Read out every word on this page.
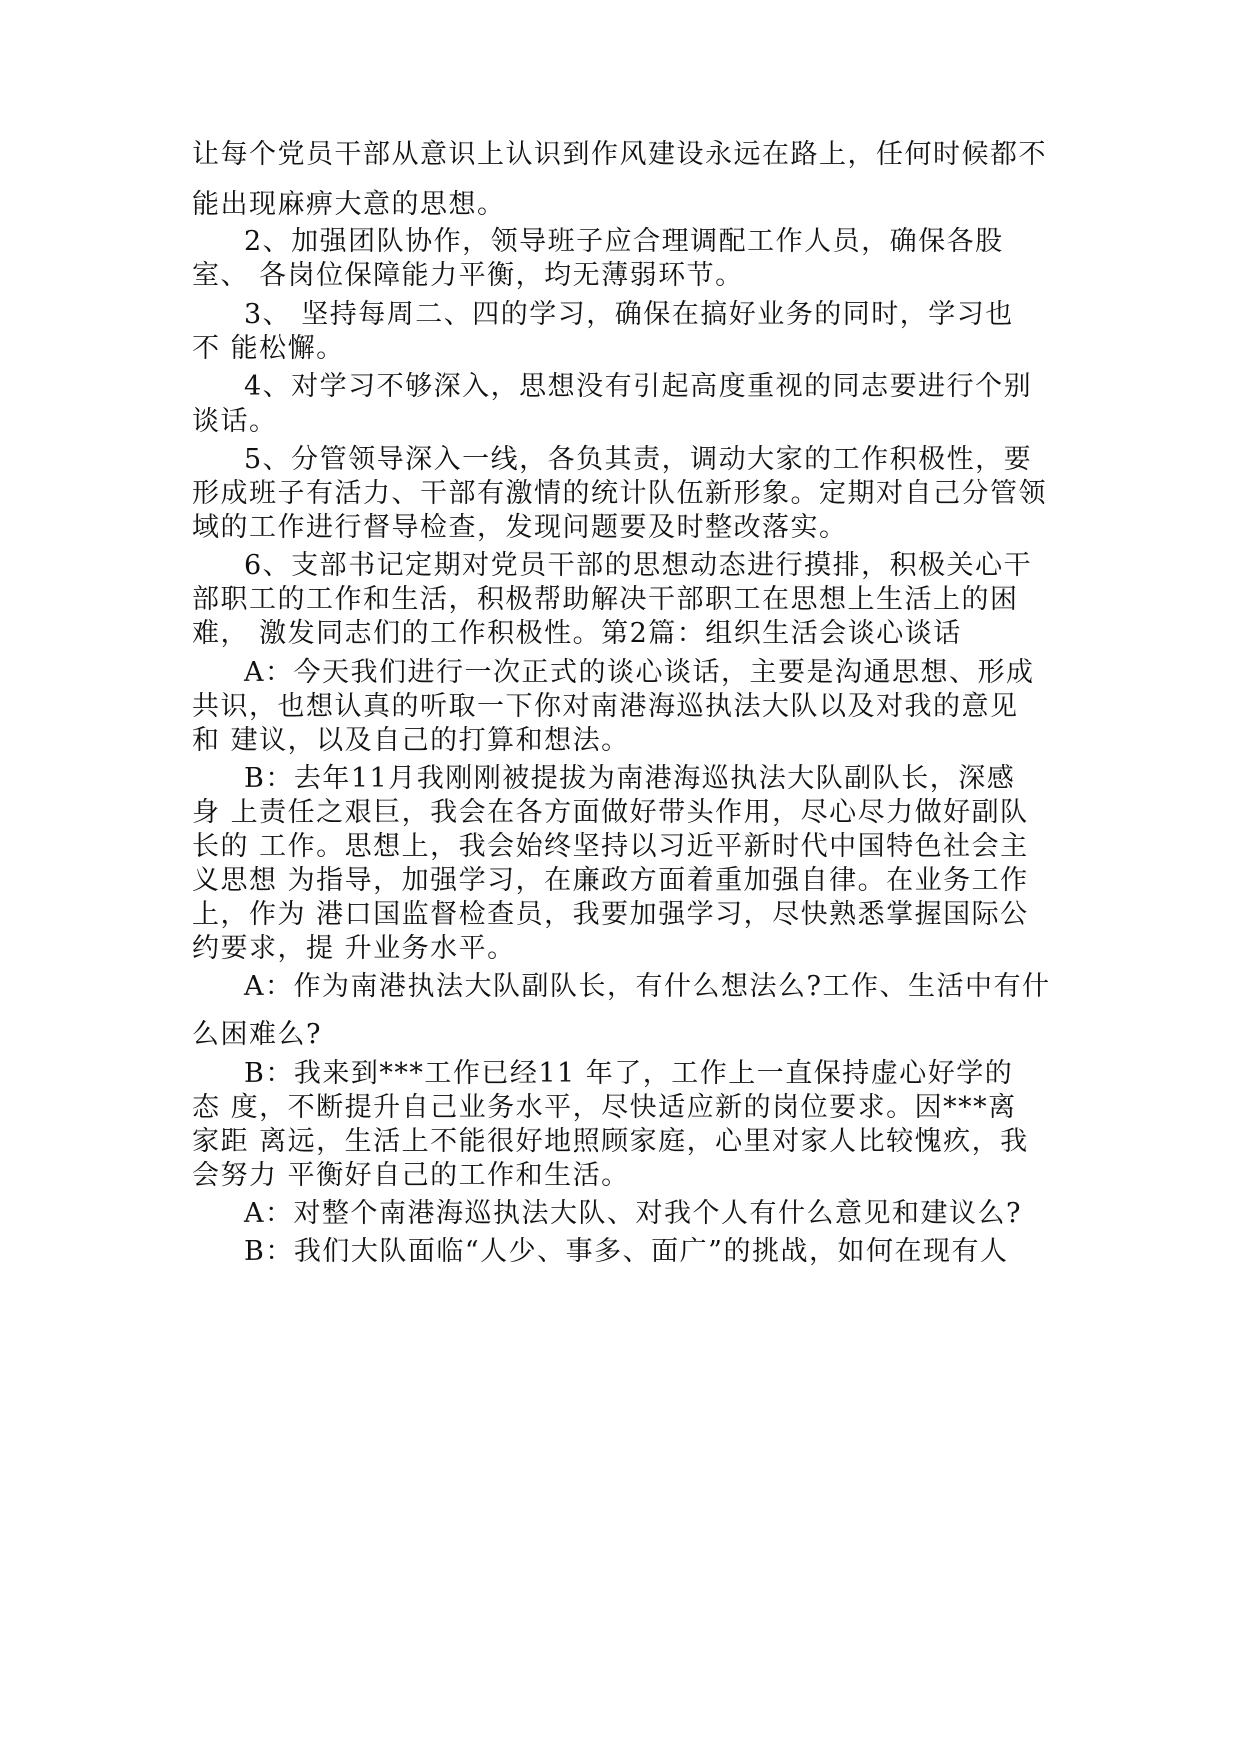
让每个党员干部从意识上认识到作风建设永远在路上，任何时候都不
能出现麻痹大意的思想。
2、加强团队协作，领导班子应合理调配工作人员，确保各股
室、 各岗位保障能力平衡，均无薄弱环节。
3、 坚持每周二、四的学习，确保在搞好业务的同时，学习也
不 能松懈。
4、对学习不够深入，思想没有引起高度重视的同志要进行个别
谈话。
5、分管领导深入一线，各负其责，调动大家的工作积极性，要
形成班子有活力、干部有激情的统计队伍新形象。定期对自己分管领
域的工作进行督导检查，发现问题要及时整改落实。
6、支部书记定期对党员干部的思想动态进行摸排，积极关心干
部职工的工作和生活，积极帮助解决干部职工在思想上生活上的困
难， 激发同志们的工作积极性。第2篇：组织生活会谈心谈话
A：今天我们进行一次正式的谈心谈话，主要是沟通思想、形成
共识，也想认真的听取一下你对南港海巡执法大队以及对我的意见
和 建议，以及自己的打算和想法。
B：去年11月我刚刚被提拔为南港海巡执法大队副队长，深感
身 上责任之艰巨，我会在各方面做好带头作用，尽心尽力做好副队
长的 工作。思想上，我会始终坚持以习近平新时代中国特色社会主
义思想 为指导，加强学习，在廉政方面着重加强自律。在业务工作
上，作为 港口国监督检查员，我要加强学习，尽快熟悉掌握国际公
约要求，提 升业务水平。
A：作为南港执法大队副队长，有什么想法么?工作、生活中有什
么困难么?
B：我来到***工作已经11 年了，工作上一直保持虚心好学的
态 度，不断提升自己业务水平，尽快适应新的岗位要求。因***离
家距 离远，生活上不能很好地照顾家庭，心里对家人比较愧疚，我
会努力 平衡好自己的工作和生活。
A：对整个南港海巡执法大队、对我个人有什么意见和建议么?
B：我们大队面临“人少、事多、面广”的挑战，如何在现有人
